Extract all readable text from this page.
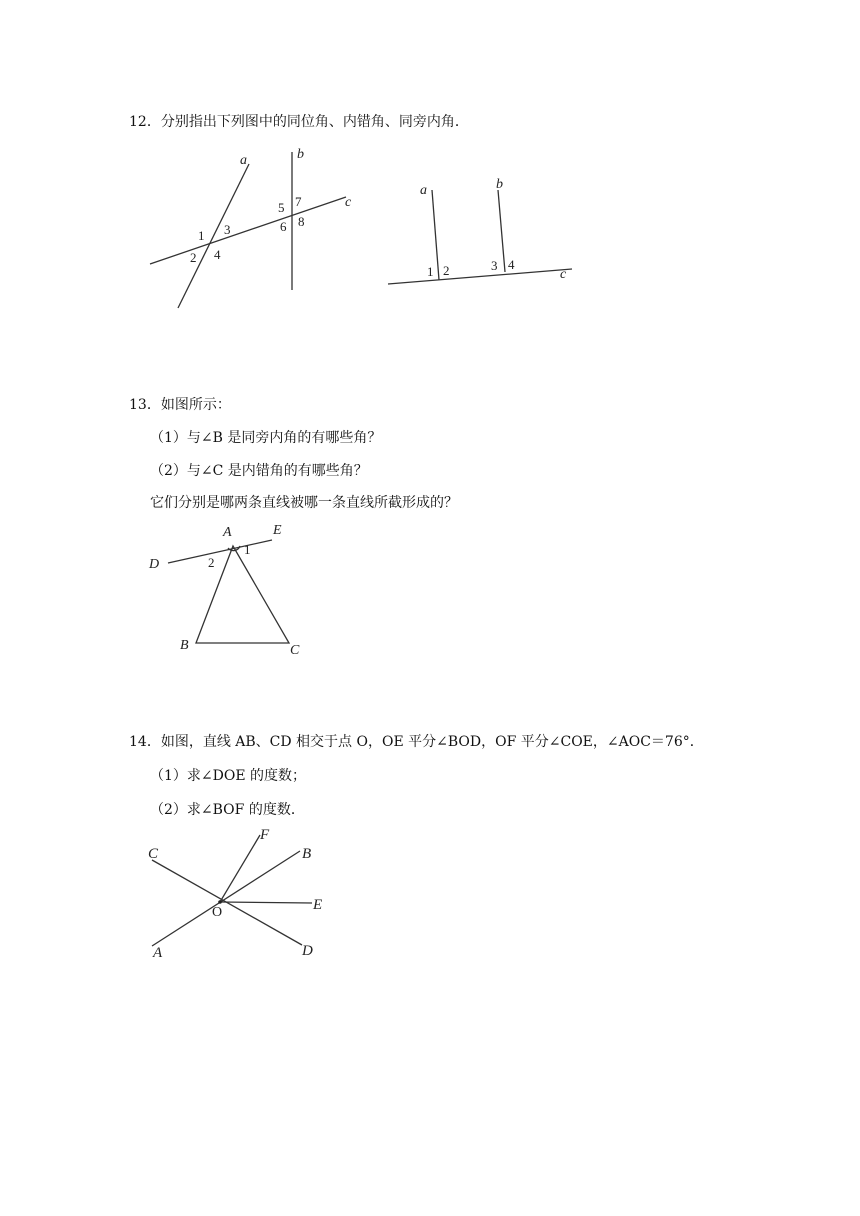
12．分别指出下列图中的同位角、内错角、同旁内角．
a	b
c
1 3
2 4
5 7
6 8
a	b
c
1 2	3 4
13．如图所示：
（1）与∠B 是同旁内角的有哪些角？
（2）与∠C 是内错角的有哪些角？
它们分别是哪两条直线被哪一条直线所截形成的？
A	E
D
B	C
1
2
14．如图，直线 AB、CD 相交于点 O，OE 平分∠BOD，OF 平分∠COE，∠AOC＝76°．
（1）求∠DOE 的度数；
（2）求∠BOF 的度数．
C
F
B
E
D
A
O
